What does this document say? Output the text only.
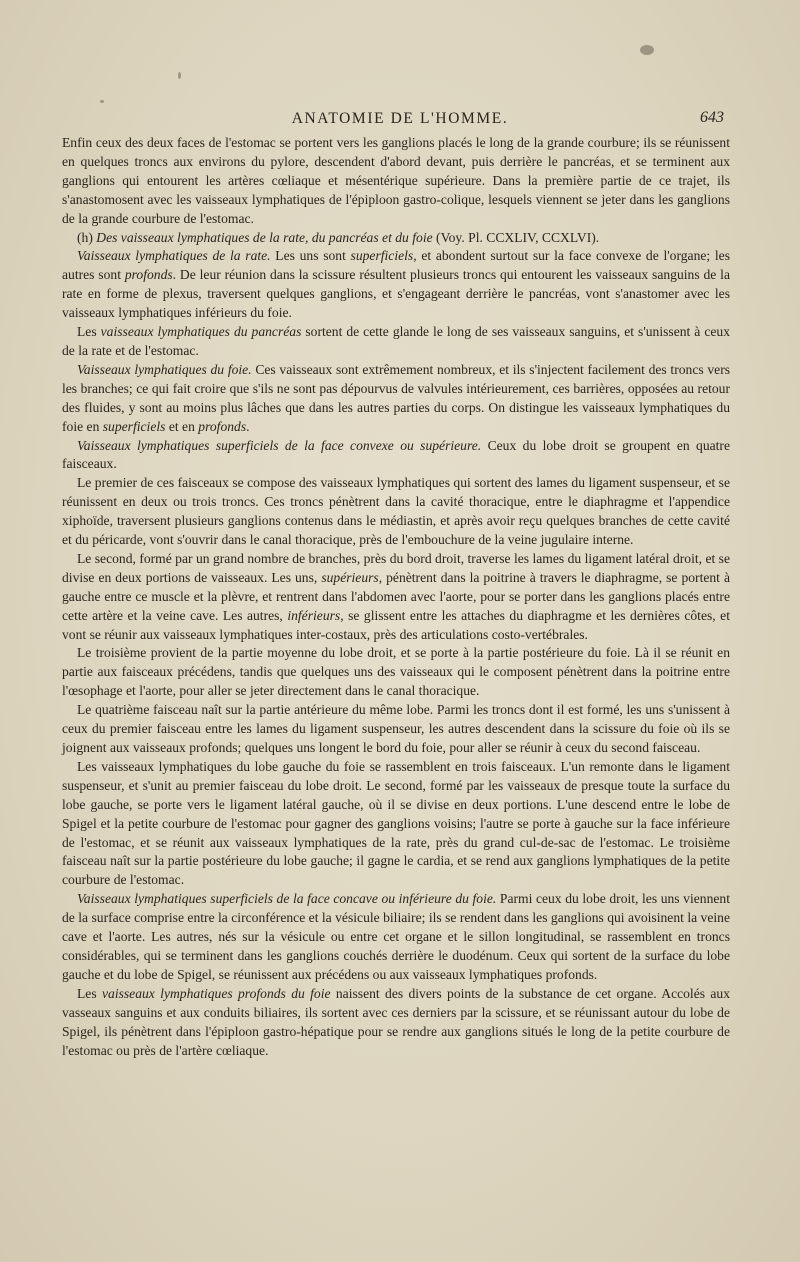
ANATOMIE DE L'HOMME.	643

Enfin ceux des deux faces de l'estomac se portent vers les ganglions placés le long de la grande courbure; ils se réunissent en quelques troncs aux environs du pylore, descendent d'abord devant, puis derrière le pancréas, et se terminent aux ganglions qui entourent les artères cœliaque et mésentérique supérieure. Dans la première partie de ce trajet, ils s'anastomosent avec les vaisseaux lymphatiques de l'épiploon gastro-colique, lesquels viennent se jeter dans les ganglions de la grande courbure de l'estomac.

(h) Des vaisseaux lymphatiques de la rate, du pancréas et du foie (Voy. Pl. CCXLIV, CCXLVI).

Vaisseaux lymphatiques de la rate. Les uns sont superficiels, et abondent surtout sur la face convexe de l'organe; les autres sont profonds. De leur réunion dans la scissure résultent plusieurs troncs qui entourent les vaisseaux sanguins de la rate en forme de plexus, traversent quelques ganglions, et s'engageant derrière le pancréas, vont s'anastomer avec les vaisseaux lymphatiques inférieurs du foie.

Les vaisseaux lymphatiques du pancréas sortent de cette glande le long de ses vaisseaux sanguins, et s'unissent à ceux de la rate et de l'estomac.

Vaisseaux lymphatiques du foie. Ces vaisseaux sont extrêmement nombreux, et ils s'injectent facilement des troncs vers les branches; ce qui fait croire que s'ils ne sont pas dépourvus de valvules intérieurement, ces barrières, opposées au retour des fluides, y sont au moins plus lâches que dans les autres parties du corps. On distingue les vaisseaux lymphatiques du foie en superficiels et en profonds.

Vaisseaux lymphatiques superficiels de la face convexe ou supérieure. Ceux du lobe droit se groupent en quatre faisceaux.

Le premier de ces faisceaux se compose des vaisseaux lymphatiques qui sortent des lames du ligament suspenseur, et se réunissent en deux ou trois troncs. Ces troncs pénètrent dans la cavité thoracique, entre le diaphragme et l'appendice xiphoïde, traversent plusieurs ganglions contenus dans le médiastin, et après avoir reçu quelques branches de cette cavité et du péricarde, vont s'ouvrir dans le canal thoracique, près de l'embouchure de la veine jugulaire interne.

Le second, formé par un grand nombre de branches, près du bord droit, traverse les lames du ligament latéral droit, et se divise en deux portions de vaisseaux. Les uns, supérieurs, pénètrent dans la poitrine à travers le diaphragme, se portent à gauche entre ce muscle et la plèvre, et rentrent dans l'abdomen avec l'aorte, pour se porter dans les ganglions placés entre cette artère et la veine cave. Les autres, inférieurs, se glissent entre les attaches du diaphragme et les dernières côtes, et vont se réunir aux vaisseaux lymphatiques inter-costaux, près des articulations costo-vertébrales.

Le troisième provient de la partie moyenne du lobe droit, et se porte à la partie postérieure du foie. Là il se réunit en partie aux faisceaux précédens, tandis que quelques uns des vaisseaux qui le composent pénètrent dans la poitrine entre l'œsophage et l'aorte, pour aller se jeter directement dans le canal thoracique.

Le quatrième faisceau naît sur la partie antérieure du même lobe. Parmi les troncs dont il est formé, les uns s'unissent à ceux du premier faisceau entre les lames du ligament suspenseur, les autres descendent dans la scissure du foie où ils se joignent aux vaisseaux profonds; quelques uns longent le bord du foie, pour aller se réunir à ceux du second faisceau.

Les vaisseaux lymphatiques du lobe gauche du foie se rassemblent en trois faisceaux. L'un remonte dans le ligament suspenseur, et s'unit au premier faisceau du lobe droit. Le second, formé par les vaisseaux de presque toute la surface du lobe gauche, se porte vers le ligament latéral gauche, où il se divise en deux portions. L'une descend entre le lobe de Spigel et la petite courbure de l'estomac pour gagner des ganglions voisins; l'autre se porte à gauche sur la face inférieure de l'estomac, et se réunit aux vaisseaux lymphatiques de la rate, près du grand cul-de-sac de l'estomac. Le troisième faisceau naît sur la partie postérieure du lobe gauche; il gagne le cardia, et se rend aux ganglions lymphatiques de la petite courbure de l'estomac.

Vaisseaux lymphatiques superficiels de la face concave ou inférieure du foie. Parmi ceux du lobe droit, les uns viennent de la surface comprise entre la circonférence et la vésicule biliaire; ils se rendent dans les ganglions qui avoisinent la veine cave et l'aorte. Les autres, nés sur la vésicule ou entre cet organe et le sillon longitudinal, se rassemblent en troncs considérables, qui se terminent dans les ganglions couchés derrière le duodénum. Ceux qui sortent de la surface du lobe gauche et du lobe de Spigel, se réunissent aux précédens ou aux vaisseaux lymphatiques profonds.

Les vaisseaux lymphatiques profonds du foie naissent des divers points de la substance de cet organe. Accolés aux vasseaux sanguins et aux conduits biliaires, ils sortent avec ces derniers par la scissure, et se réunissant autour du lobe de Spigel, ils pénètrent dans l'épiploon gastro-hépatique pour se rendre aux ganglions situés le long de la petite courbure de l'estomac ou près de l'artère cœliaque.
